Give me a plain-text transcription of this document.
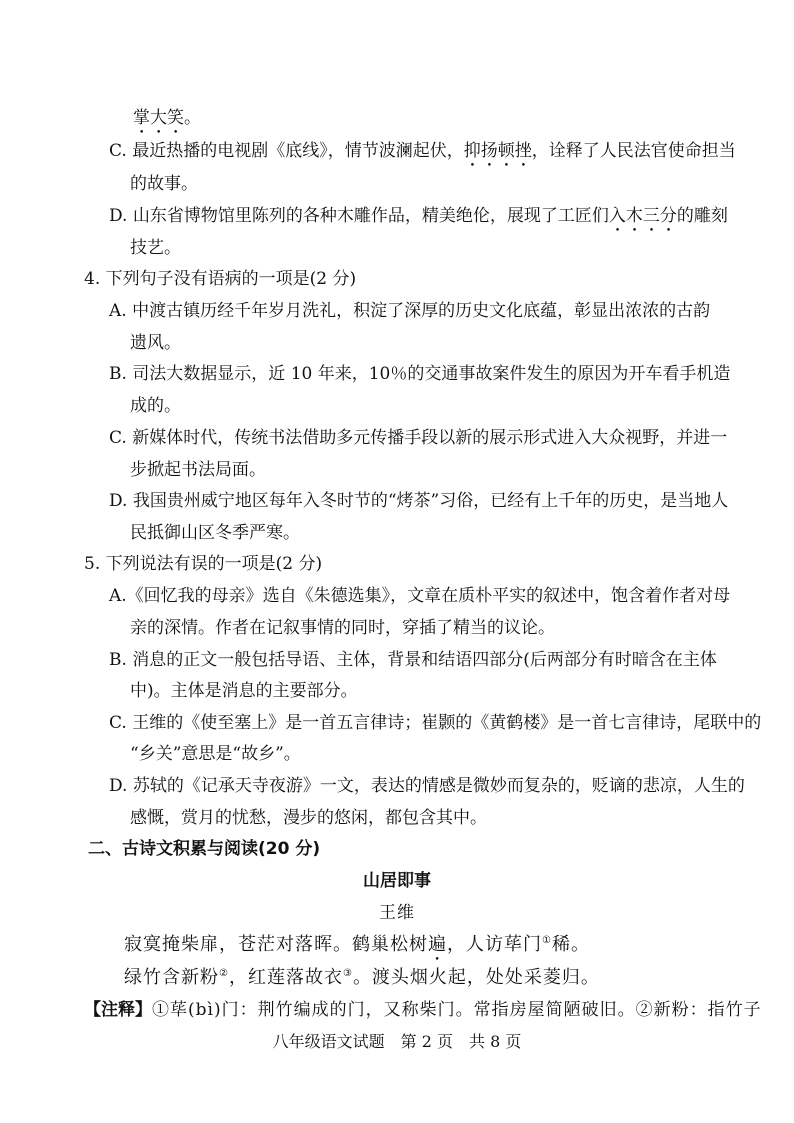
掌大笑。
C. 最近热播的电视剧《底线》，情节波澜起伏，抑扬顿挫，诠释了人民法官使命担当
的故事。
D. 山东省博物馆里陈列的各种木雕作品，精美绝伦，展现了工匠们入木三分的雕刻
技艺。
4. 下列句子没有语病的一项是(2 分)
A. 中渡古镇历经千年岁月洗礼，积淀了深厚的历史文化底蕴，彰显出浓浓的古韵
遗风。
B. 司法大数据显示，近 10 年来，10％的交通事故案件发生的原因为开车看手机造
成的。
C. 新媒体时代，传统书法借助多元传播手段以新的展示形式进入大众视野，并进一
步掀起书法局面。
D. 我国贵州威宁地区每年入冬时节的“烤茶”习俗，已经有上千年的历史，是当地人
民抵御山区冬季严寒。
5. 下列说法有误的一项是(2 分)
A.《回忆我的母亲》选自《朱德选集》，文章在质朴平实的叙述中，饱含着作者对母
亲的深情。作者在记叙事情的同时，穿插了精当的议论。
B. 消息的正文一般包括导语、主体，背景和结语四部分(后两部分有时暗含在主体
中)。主体是消息的主要部分。
C. 王维的《使至塞上》是一首五言律诗；崔颢的《黄鹤楼》是一首七言律诗，尾联中的
“乡关”意思是“故乡”。
D. 苏轼的《记承天寺夜游》一文，表达的情感是微妙而复杂的，贬谪的悲凉，人生的
感慨，赏月的忧愁，漫步的悠闲，都包含其中。
二、古诗文积累与阅读(20 分)
山居即事
王维
寂寞掩柴扉，苍茫对落晖。鹤巢松树遍，人访荜门①稀。
绿竹含新粉②，红莲落故衣③。渡头烟火起，处处采菱归。
【注释】①荜(bì)门：荆竹编成的门，又称柴门。常指房屋简陋破旧。②新粉：指竹子
八年级语文试题　第 2 页　共 8 页
